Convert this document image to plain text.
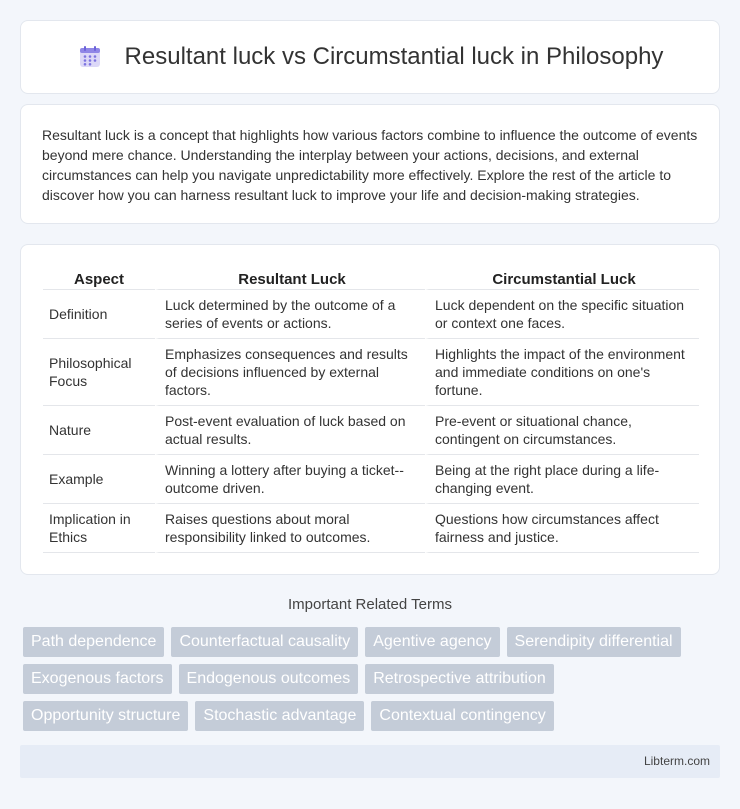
Resultant luck vs Circumstantial luck in Philosophy

Resultant luck is a concept that highlights how various factors combine to influence the outcome of events beyond mere chance. Understanding the interplay between your actions, decisions, and external circumstances can help you navigate unpredictability more effectively. Explore the rest of the article to discover how you can harness resultant luck to improve your life and decision-making strategies.

Aspect	Resultant Luck	Circumstantial Luck
Definition	Luck determined by the outcome of a series of events or actions.	Luck dependent on the specific situation or context one faces.
Philosophical Focus	Emphasizes consequences and results of decisions influenced by external factors.	Highlights the impact of the environment and immediate conditions on one's fortune.
Nature	Post-event evaluation of luck based on actual results.	Pre-event or situational chance, contingent on circumstances.
Example	Winning a lottery after buying a ticket--outcome driven.	Being at the right place during a life-changing event.
Implication in Ethics	Raises questions about moral responsibility linked to outcomes.	Questions how circumstances affect fairness and justice.
Important Related Terms
Path dependence	Counterfactual causality	Agentive agency	Serendipity differential
Exogenous factors	Endogenous outcomes	Retrospective attribution
Opportunity structure	Stochastic advantage	Contextual contingency
Libterm.com
